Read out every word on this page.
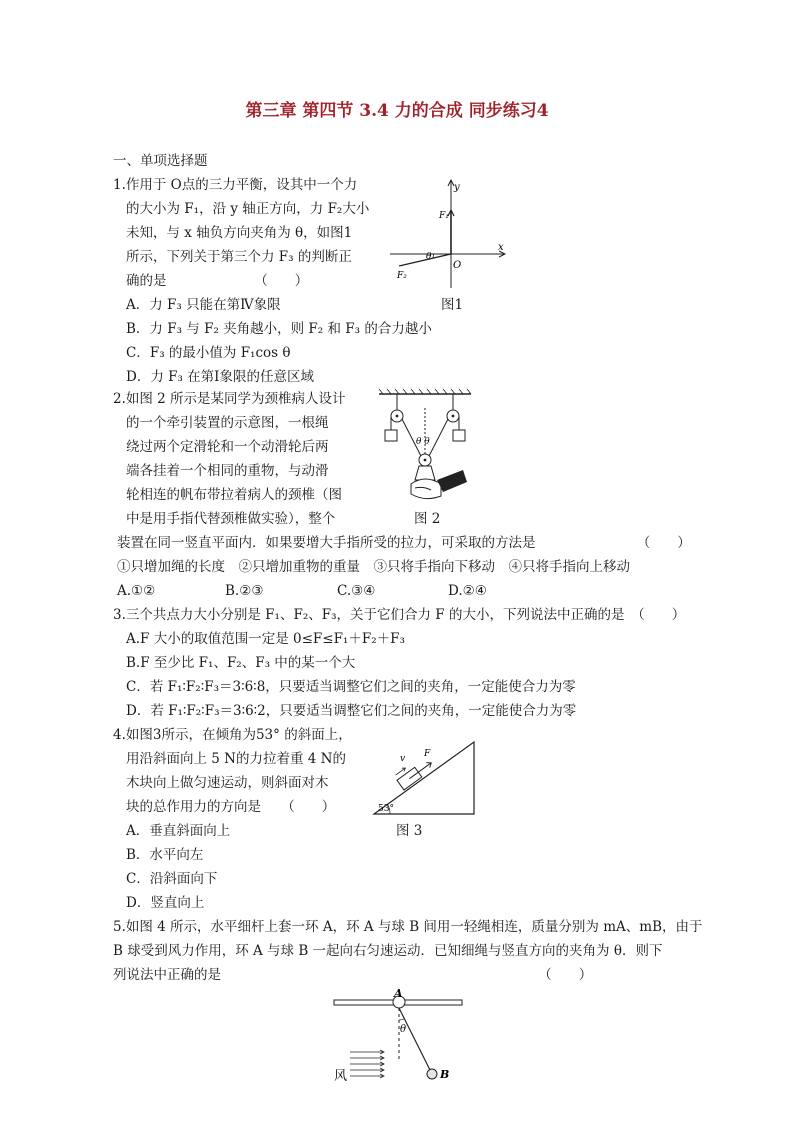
第三章 第四节 3.4 力的合成 同步练习4
一、单项选择题
1.作用于 O点的三力平衡，设其中一个力
的大小为 F₁，沿 y 轴正方向，力 F₂大小
未知，与 x 轴负方向夹角为 θ，如图1
所示，下列关于第三个力 F₃ 的判断正
确的是　　　　　　　（　　）
A．力 F₃ 只能在第Ⅳ象限
B．力 F₃ 与 F₂ 夹角越小，则 F₂ 和 F₃ 的合力越小
C．F₃ 的最小值为 F₁cos θ
D．力 F₃ 在第Ⅰ象限的任意区域
y
x
O
F₁
F₂
θ
图1
2.如图 2 所示是某同学为颈椎病人设计
的一个牵引装置的示意图，一根绳
绕过两个定滑轮和一个动滑轮后两
端各挂着一个相同的重物，与动滑
轮相连的帆布带拉着病人的颈椎（图
中是用手指代替颈椎做实验），整个
装置在同一竖直平面内．如果要增大手指所受的拉力，可采取的方法是　　　　　　　　（　　）
①只增加绳的长度　②只增加重物的重量　③只将手指向下移动　④只将手指向上移动
A.①②	B.②③	C.③④	D.②④
θ θ
图 2
3.三个共点力大小分别是 F₁、F₂、F₃，关于它们合力 F 的大小，下列说法中正确的是　（　　）
A.F 大小的取值范围一定是 0≤F≤F₁＋F₂＋F₃
B.F 至少比 F₁、F₂、F₃ 中的某一个大
C．若 F₁∶F₂∶F₃＝3∶6∶8，只要适当调整它们之间的夹角，一定能使合力为零
D．若 F₁∶F₂∶F₃＝3∶6∶2，只要适当调整它们之间的夹角，一定能使合力为零
4.如图3所示，在倾角为53° 的斜面上，
用沿斜面向上 5 N的力拉着重 4 N的
木块向上做匀速运动，则斜面对木
块的总作用力的方向是　　（　　）
A．垂直斜面向上
B．水平向左
C．沿斜面向下
D．竖直向上
53°
v F
图 3
5.如图 4 所示，水平细杆上套一环 A，环 A 与球 B 间用一轻绳相连，质量分别为 mA、mB，由于
B 球受到风力作用，环 A 与球 B 一起向右匀速运动．已知细绳与竖直方向的夹角为 θ．则下
列说法中正确的是　　　　　　　　　　　　　　　　　　　　　　　　（　　）
A
B
θ
风
